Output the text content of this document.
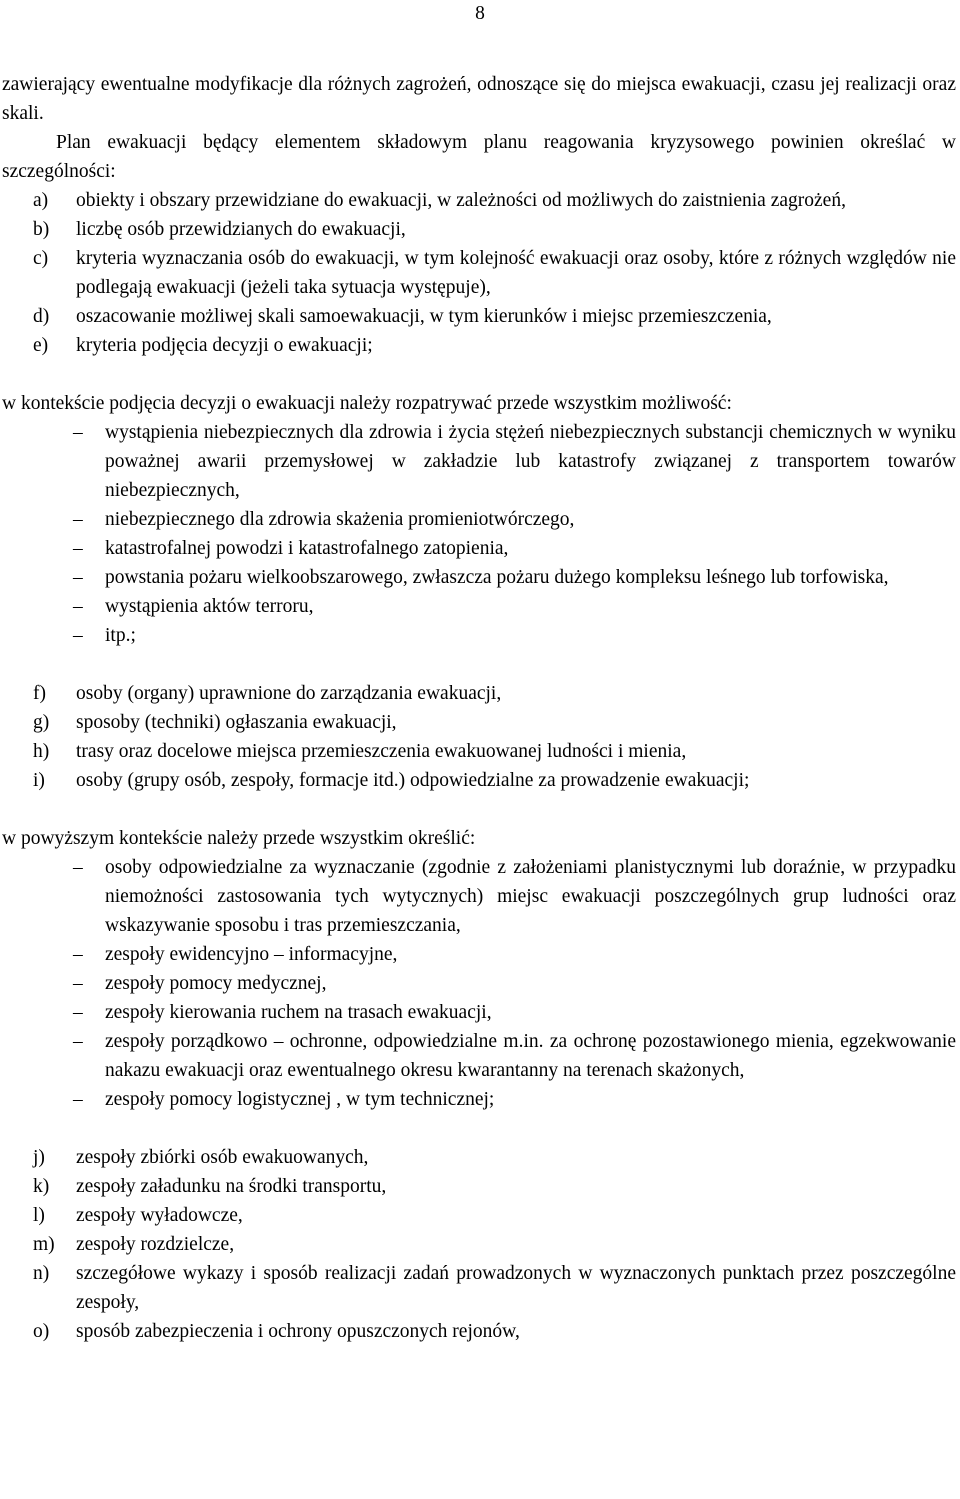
8
zawierający ewentualne modyfikacje dla różnych zagrożeń, odnoszące się do miejsca ewakuacji, czasu jej realizacji oraz skali.
Plan ewakuacji będący elementem składowym planu reagowania kryzysowego powinien określać w szczególności:
a) obiekty i obszary przewidziane do ewakuacji, w zależności od możliwych do zaistnienia zagrożeń,
b) liczbę osób przewidzianych do ewakuacji,
c) kryteria wyznaczania osób do ewakuacji, w tym kolejność ewakuacji oraz osoby, które z różnych względów nie podlegają ewakuacji (jeżeli taka sytuacja występuje),
d) oszacowanie możliwej skali samoewakuacji, w tym kierunków i miejsc przemieszczenia,
e) kryteria podjęcia decyzji o ewakuacji;
w kontekście podjęcia decyzji o ewakuacji należy rozpatrywać przede wszystkim możliwość:
– wystąpienia niebezpiecznych dla zdrowia i życia stężeń niebezpiecznych substancji chemicznych w wyniku poważnej awarii przemysłowej w zakładzie lub katastrofy związanej z transportem towarów niebezpiecznych,
– niebezpiecznego dla zdrowia skażenia promieniotwórczego,
– katastrofalnej powodzi i katastrofalnego zatopienia,
– powstania pożaru wielkoobszarowego, zwłaszcza pożaru dużego kompleksu leśnego lub torfowiska,
– wystąpienia aktów terroru,
– itp.;
f) osoby (organy) uprawnione do zarządzania ewakuacji,
g) sposoby (techniki) ogłaszania ewakuacji,
h) trasy oraz docelowe miejsca przemieszczenia ewakuowanej ludności i mienia,
i) osoby (grupy osób, zespoły, formacje itd.) odpowiedzialne za prowadzenie ewakuacji;
w powyższym kontekście należy przede wszystkim określić:
– osoby odpowiedzialne za wyznaczanie (zgodnie z założeniami planistycznymi lub doraźnie, w przypadku niemożności zastosowania tych wytycznych) miejsc ewakuacji poszczególnych grup ludności oraz wskazywanie sposobu i tras przemieszczania,
– zespoły ewidencyjno – informacyjne,
– zespoły pomocy medycznej,
– zespoły kierowania ruchem na trasach ewakuacji,
– zespoły porządkowo – ochronne, odpowiedzialne m.in. za ochronę pozostawionego mienia, egzekwowanie nakazu ewakuacji oraz ewentualnego okresu kwarantanny na terenach skażonych,
– zespoły pomocy logistycznej , w tym technicznej;
j) zespoły zbiórki osób ewakuowanych,
k) zespoły załadunku na środki transportu,
l) zespoły wyładowcze,
m) zespoły rozdzielcze,
n) szczegółowe wykazy i sposób realizacji zadań prowadzonych w wyznaczonych punktach przez poszczególne zespoły,
o) sposób zabezpieczenia i ochrony opuszczonych rejonów,
